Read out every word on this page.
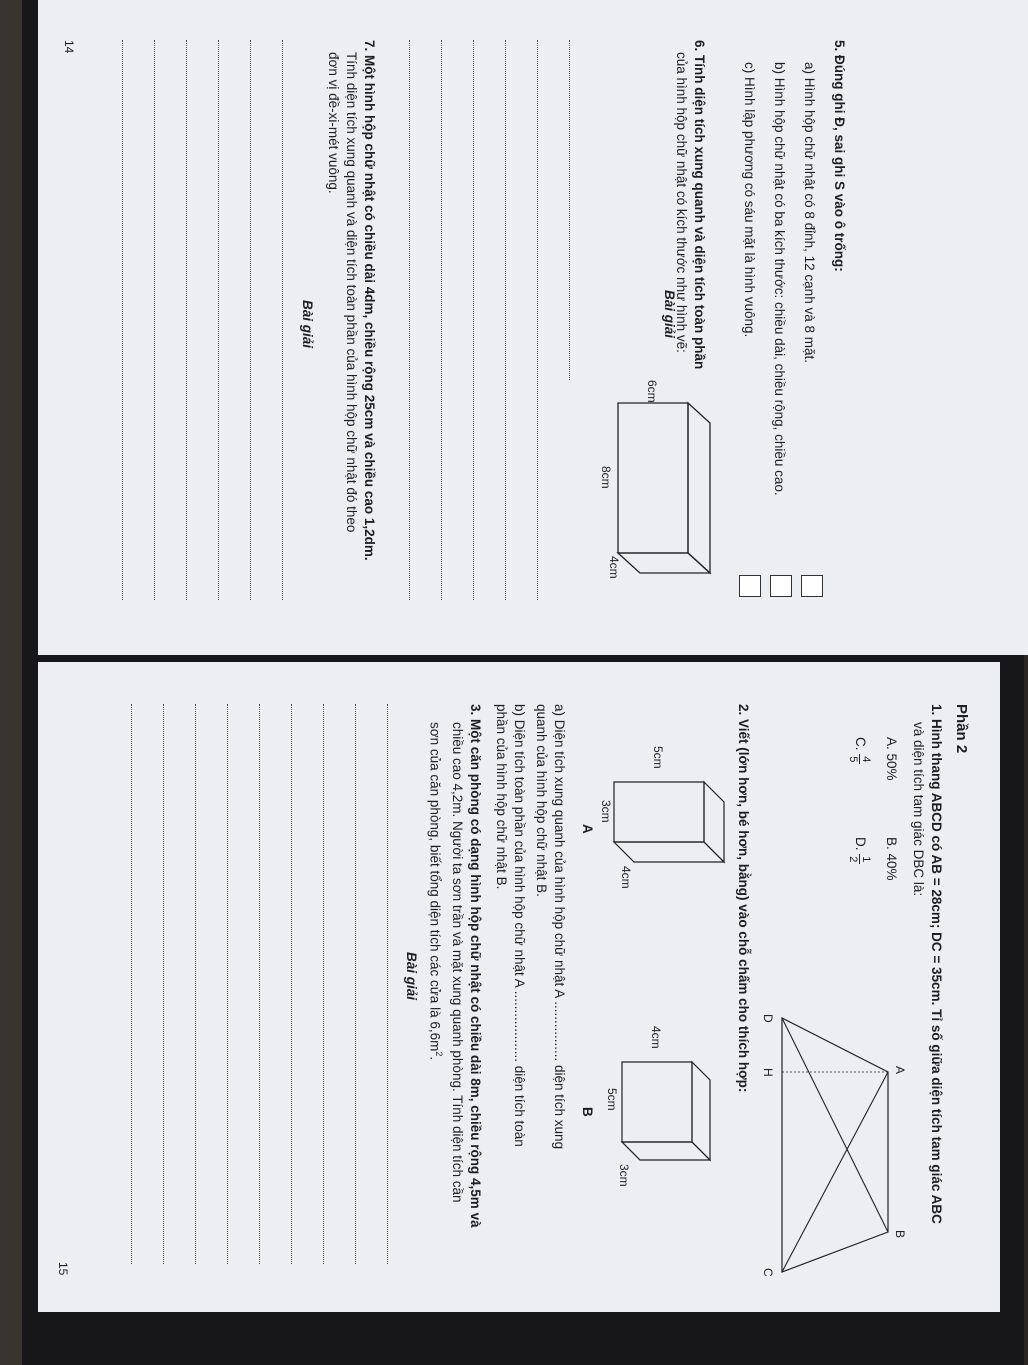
5. Đúng ghi Đ, sai ghi S vào ô trống:
a) Hình hộp chữ nhật có 8 đỉnh, 12 cạnh và 8 mặt.
b) Hình hộp chữ nhật có ba kích thước: chiều dài, chiều rộng, chiều cao.
c) Hình lập phương có sáu mặt là hình vuông.
6. Tính diện tích xung quanh và diện tích toàn phần
của hình hộp chữ nhật có kích thước như hình vẽ:
Bài giải
6cm
8cm
4cm
7. Một hình hộp chữ nhật có chiều dài 4dm, chiều rộng 25cm và chiều cao 1,2dm.
Tính diện tích xung quanh và diện tích toàn phần của hình hộp chữ nhật đó theo
đơn vị đề-xi-mét vuông.
Bài giải
14
Phần 2
1. Hình thang ABCD có AB = 28cm; DC = 35cm. Tỉ số giữa diện tích tam giác ABC
và diện tích tam giác DBC là:
A. 50%
B. 40%
C.
4
5
D.
1
2
A
B
C
D
H
2. Viết (lớn hơn, bé hơn, bằng) vào chỗ chấm cho thích hợp:
5cm
3cm
4cm
A
4cm
5cm
3cm
B
a) Diện tích xung quanh của hình hộp chữ nhật A ................ diện tích xung
quanh của hình hộp chữ nhật B.
b) Diện tích toàn phần của hình hộp chữ nhật A ................... diện tích toàn
phần của hình hộp chữ nhật B.
3. Một căn phòng có dạng hình hộp chữ nhật có chiều dài 8m, chiều rộng 4,5m và
chiều cao 4,2m. Người ta sơn trần và mặt xung quanh phòng. Tính diện tích cần
sơn của căn phòng, biết tổng diện tích các cửa là $6,6m^2$.
Bài giải
15
